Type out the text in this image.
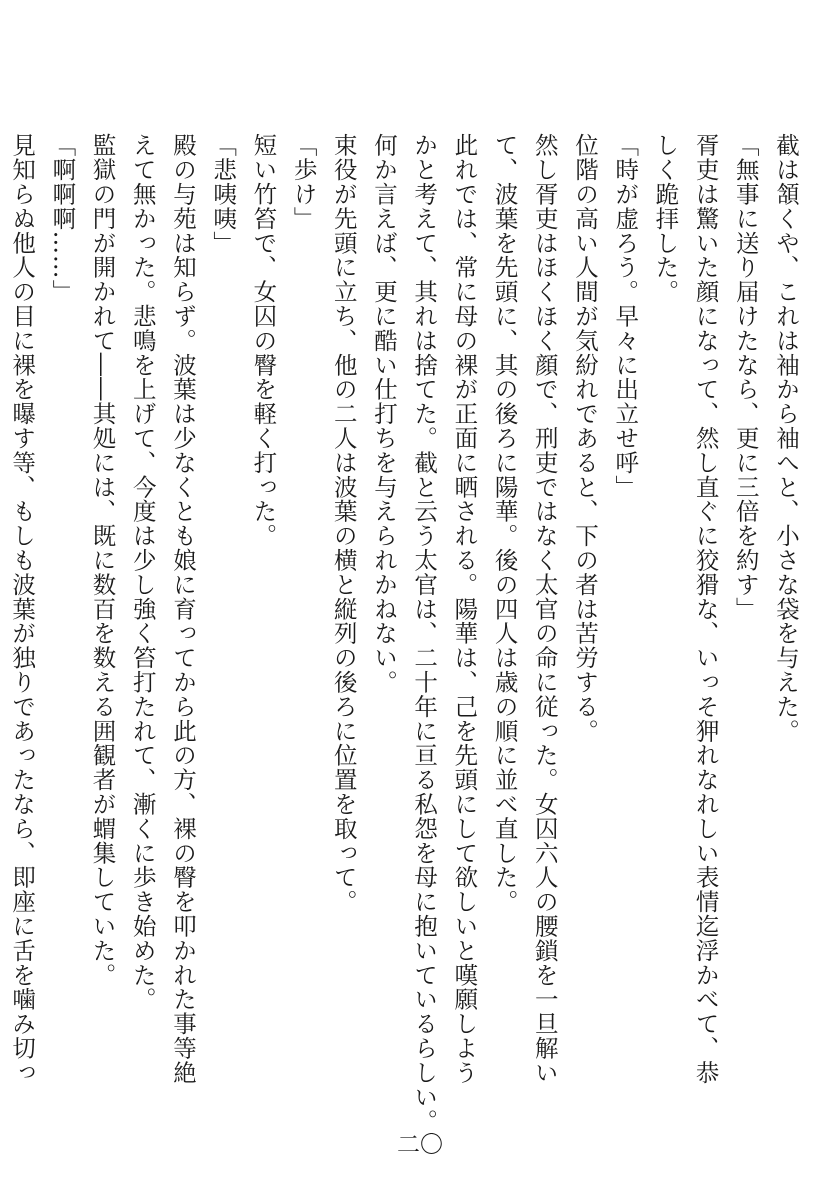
截は頷くや、これは袖から袖へと、小さな袋を与えた。

「無事に送り届けたなら、更に三倍を約す」

胥吏は驚いた顔になって、然し直ぐに狡猾な、いっそ狎れなれしい表情迄浮かべて、恭

しく跪拝した。

「時が虚ろう。早々に出立せ呼」

位階の高い人間が気紛れであると、下の者は苦労する。

然し胥吏はほくほく顔で、刑吏ではなく太官の命に従った。女囚六人の腰鎖を一旦解い

て、波葉を先頭に、其の後ろに陽華。後の四人は歳の順に並べ直した。

此れでは、常に母の裸が正面に晒される。陽華は、己を先頭にして欲しいと嘆願しよう

かと考えて、其れは捨てた。截と云う太官は、二十年に亘る私怨を母に抱いているらしい。

何か言えば、更に酷い仕打ちを与えられかねない。

束役が先頭に立ち、他の二人は波葉の横と縦列の後ろに位置を取って。

「歩け」

短い竹笞で、女囚の臀を軽く打った。

「悲咦咦」

殿の与苑は知らず。波葉は少なくとも娘に育ってから此の方、裸の臀を叩かれた事等絶

えて無かった。悲鳴を上げて、今度は少し強く笞打たれて、漸くに歩き始めた。

監獄の門が開かれて――其処には、既に数百を数える囲観者が蝟集していた。

「啊啊啊……」

見知らぬ他人の目に裸を曝す等、もしも波葉が独りであったなら、即座に舌を噛み切っ

二〇
